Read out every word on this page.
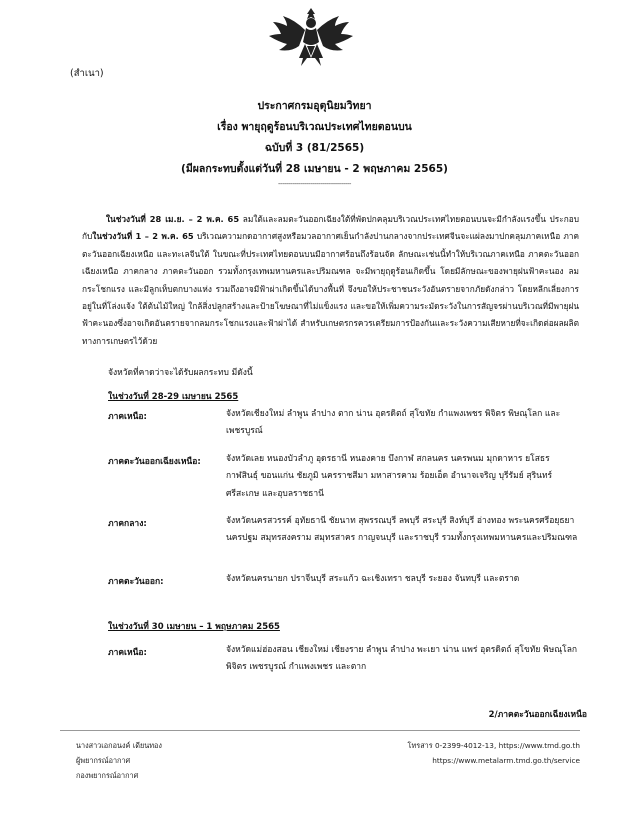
(สำเนา)
ประกาศกรมอุตุนิยมวิทยา
เรื่อง พายุฤดูร้อนบริเวณประเทศไทยตอนบน
ฉบับที่ 3 (81/2565)
(มีผลกระทบตั้งแต่วันที่ 28 เมษายน - 2 พฤษภาคม 2565)
------------------------------------
ในช่วงวันที่ 28 เม.ย. – 2 พ.ค. 65 ลมใต้และลมตะวันออกเฉียงใต้ที่พัดปกคลุมบริเวณประเทศไทยตอนบนจะมีกำลังแรงขึ้น ประกอบกับในช่วงวันที่ 1 – 2 พ.ค. 65 บริเวณความกดอากาศสูงหรือมวลอากาศเย็นกำลังปานกลางจากประเทศจีนจะแผ่ลงมาปกคลุมภาคเหนือ ภาคตะวันออกเฉียงเหนือ และทะเลจีนใต้ ในขณะที่ประเทศไทยตอนบนมีอากาศร้อนถึงร้อนจัด ลักษณะเช่นนี้ทำให้บริเวณภาคเหนือ ภาคตะวันออกเฉียงเหนือ ภาคกลาง ภาคตะวันออก รวมทั้งกรุงเทพมหานครและปริมณฑล จะมีพายุฤดูร้อนเกิดขึ้น โดยมีลักษณะของพายุฝนฟ้าคะนอง ลมกระโชกแรง และมีลูกเห็บตกบางแห่ง รวมถึงอาจมีฟ้าผ่าเกิดขึ้นได้บางพื้นที่ จึงขอให้ประชาชนระวังอันตรายจากภัยดังกล่าว โดยหลีกเลี่ยงการอยู่ในที่โล่งแจ้ง ใต้ต้นไม้ใหญ่ ใกล้สิ่งปลูกสร้างและป้ายโฆษณาที่ไม่แข็งแรง และขอให้เพิ่มความระมัดระวังในการสัญจรผ่านบริเวณที่มีพายุฝนฟ้าคะนองซึ่งอาจเกิดอันตรายจากลมกระโชกแรงและฟ้าผ่าได้ สำหรับเกษตรกรควรเตรียมการป้องกันและระวังความเสียหายที่จะเกิดต่อผลผลิตทางการเกษตรไว้ด้วย
จังหวัดที่คาดว่าจะได้รับผลกระทบ มีดังนี้
ในช่วงวันที่ 28-29 เมษายน 2565
ภาคเหนือ:	จังหวัดเชียงใหม่ ลำพูน ลำปาง ตาก น่าน อุตรดิตถ์ สุโขทัย กำแพงเพชร พิจิตร พิษณุโลก และเพชรบูรณ์
ภาคตะวันออกเฉียงเหนือ:	จังหวัดเลย หนองบัวลำภู อุดรธานี หนองคาย บึงกาฬ สกลนคร นครพนม มุกดาหาร ยโสธร กาฬสินธุ์ ขอนแก่น ชัยภูมิ นครราชสีมา มหาสารคาม ร้อยเอ็ด อำนาจเจริญ บุรีรัมย์ สุรินทร์ ศรีสะเกษ และอุบลราชธานี
ภาคกลาง:	จังหวัดนครสวรรค์ อุทัยธานี ชัยนาท สุพรรณบุรี ลพบุรี สระบุรี สิงห์บุรี อ่างทอง พระนครศรีอยุธยา นครปฐม สมุทรสงคราม สมุทรสาคร กาญจนบุรี และราชบุรี รวมทั้งกรุงเทพมหานครและปริมณฑล
ภาคตะวันออก:	จังหวัดนครนายก ปราจีนบุรี สระแก้ว ฉะเชิงเทรา ชลบุรี ระยอง จันทบุรี และตราด
ในช่วงวันที่ 30 เมษายน – 1 พฤษภาคม 2565
ภาคเหนือ:	จังหวัดแม่ฮ่องสอน เชียงใหม่ เชียงราย ลำพูน ลำปาง พะเยา น่าน แพร่ อุตรดิตถ์ สุโขทัย พิษณุโลก พิจิตร เพชรบูรณ์ กำแพงเพชร และตาก
2/ภาคตะวันออกเฉียงเหนือ
นางสาวเอกอนงค์ เดียนทอง
ผู้พยากรณ์อากาศ
กองพยากรณ์อากาศ
โทรสาร 0-2399-4012-13, https://www.tmd.go.th
https://www.metalarm.tmd.go.th/service
